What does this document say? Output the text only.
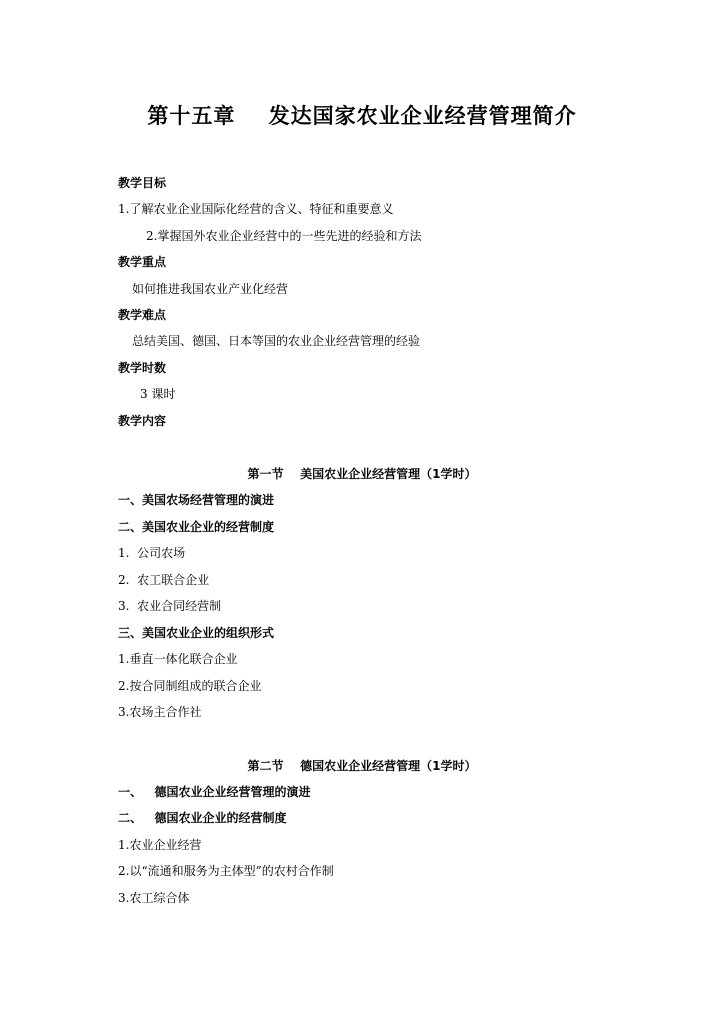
第十五章    发达国家农业企业经营管理简介
教学目标
1.了解农业企业国际化经营的含义、特征和重要意义
2.掌握国外农业企业经营中的一些先进的经验和方法
教学重点
如何推进我国农业产业化经营
教学难点
总结美国、德国、日本等国的农业企业经营管理的经验
教学时数
3 课时
教学内容
第一节    美国农业企业经营管理（1学时）
一、美国农场经营管理的演进
二、美国农业企业的经营制度
1.  公司农场
2.  农工联合企业
3.  农业合同经营制
三、美国农业企业的组织形式
1.垂直一体化联合企业
2.按合同制组成的联合企业
3.农场主合作社
第二节    德国农业企业经营管理（1学时）
一、   德国农业企业经营管理的演进
二、   德国农业企业的经营制度
1.农业企业经营
2.以“流通和服务为主体型”的农村合作制
3.农工综合体
